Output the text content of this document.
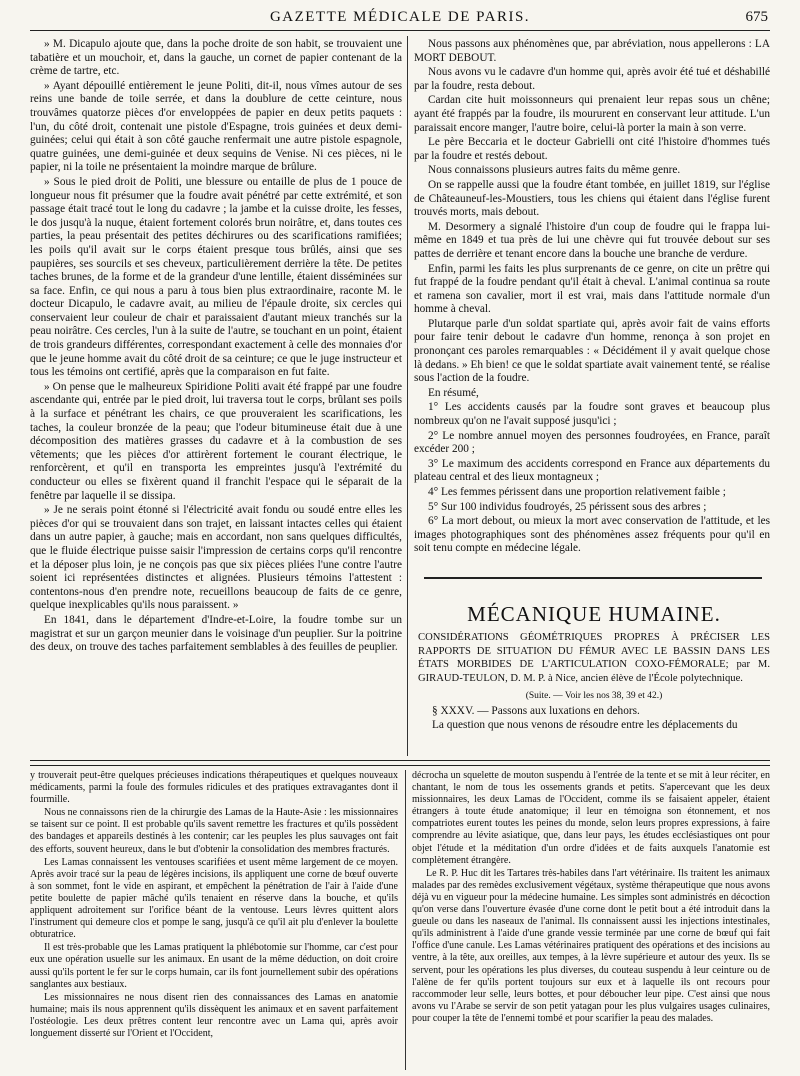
GAZETTE MÉDICALE DE PARIS.	675

» M. Dicapulo ajoute que, dans la poche droite de son habit, se trouvaient une tabatière et un mouchoir, et, dans la gauche, un cornet de papier contenant de la crème de tartre, etc.

» Ayant dépouillé entièrement le jeune Politi, dit-il, nous vîmes autour de ses reins une bande de toile serrée, et dans la doublure de cette ceinture, nous trouvâmes quatorze pièces d'or enveloppées de papier en deux petits paquets : l'un, du côté droit, contenait une pistole d'Espagne, trois guinées et deux demi-guinées; celui qui était à son côté gauche renfermait une autre pistole espagnole, quatre guinées, une demi-guinée et deux sequins de Venise. Ni ces pièces, ni le papier, ni la toile ne présentaient la moindre marque de brûlure.

» Sous le pied droit de Politi, une blessure ou entaille de plus de 1 pouce de longueur nous fit présumer que la foudre avait pénétré par cette extrémité, et son passage était tracé tout le long du cadavre ; la jambe et la cuisse droite, les fesses, le dos jusqu'à la nuque, étaient fortement colorés brun noirâtre, et, dans toutes ces parties, la peau présentait des petites déchirures ou des scarifications ramifiées; les poils qu'il avait sur le corps étaient presque tous brûlés, ainsi que ses paupières, ses sourcils et ses cheveux, particulièrement derrière la tête. De petites taches brunes, de la forme et de la grandeur d'une lentille, étaient disséminées sur sa face. Enfin, ce qui nous a paru à tous bien plus extraordinaire, raconte M. le docteur Dicapulo, le cadavre avait, au milieu de l'épaule droite, six cercles qui conservaient leur couleur de chair et paraissaient d'autant mieux tranchés sur la peau noirâtre. Ces cercles, l'un à la suite de l'autre, se touchant en un point, étaient de trois grandeurs différentes, correspondant exactement à celle des monnaies d'or que le jeune homme avait du côté droit de sa ceinture; ce que le juge instructeur et tous les témoins ont certifié, après que la comparaison en fut faite.

» On pense que le malheureux Spiridione Politi avait été frappé par une foudre ascendante qui, entrée par le pied droit, lui traversa tout le corps, brûlant ses poils à la surface et pénétrant les chairs, ce que prouveraient les scarifications, les taches, la couleur bronzée de la peau; que l'odeur bitumineuse était due à une décomposition des matières grasses du cadavre et à la combustion de ses vêtements; que les pièces d'or attirèrent fortement le courant électrique, le renforcèrent, et qu'il en transporta les empreintes jusqu'à l'extrémité du conducteur ou elles se fixèrent quand il franchit l'espace qui le séparait de la fenêtre par laquelle il se dissipa.

» Je ne serais point étonné si l'électricité avait fondu ou soudé entre elles les pièces d'or qui se trouvaient dans son trajet, en laissant intactes celles qui étaient dans un autre papier, à gauche; mais en accordant, non sans quelques difficultés, que le fluide électrique puisse saisir l'impression de certains corps qu'il rencontre et la déposer plus loin, je ne conçois pas que six pièces pliées l'une contre l'autre soient ici représentées distinctes et alignées. Plusieurs témoins l'attestent : contentons-nous d'en prendre note, recueillons beaucoup de faits de ce genre, quelque inexplicables qu'ils nous paraissent. »

En 1841, dans le département d'Indre-et-Loire, la foudre tombe sur un magistrat et sur un garçon meunier dans le voisinage d'un peuplier. Sur la poitrine des deux, on trouve des taches parfaitement semblables à des feuilles de peuplier.

Nous passons aux phénomènes que, par abréviation, nous appellerons : LA MORT DEBOUT.

Nous avons vu le cadavre d'un homme qui, après avoir été tué et déshabillé par la foudre, resta debout.

Cardan cite huit moissonneurs qui prenaient leur repas sous un chêne; ayant été frappés par la foudre, ils moururent en conservant leur attitude. L'un paraissait encore manger, l'autre boire, celui-là porter la main à son verre.

Le père Beccaria et le docteur Gabrielli ont cité l'histoire d'hommes tués par la foudre et restés debout.

Nous connaissons plusieurs autres faits du même genre.

On se rappelle aussi que la foudre étant tombée, en juillet 1819, sur l'église de Châteauneuf-les-Moustiers, tous les chiens qui étaient dans l'église furent trouvés morts, mais debout.

M. Desormery a signalé l'histoire d'un coup de foudre qui le frappa lui-même en 1849 et tua près de lui une chèvre qui fut trouvée debout sur ses pattes de derrière et tenant encore dans la bouche une branche de verdure.

Enfin, parmi les faits les plus surprenants de ce genre, on cite un prêtre qui fut frappé de la foudre pendant qu'il était à cheval. L'animal continua sa route et ramena son cavalier, mort il est vrai, mais dans l'attitude normale d'un homme à cheval.

Plutarque parle d'un soldat spartiate qui, après avoir fait de vains efforts pour faire tenir debout le cadavre d'un homme, renonça à son projet en prononçant ces paroles remarquables : « Décidément il y avait quelque chose là dedans. » Eh bien! ce que le soldat spartiate avait vainement tenté, se réalise sous l'action de la foudre.

En résumé,

1° Les accidents causés par la foudre sont graves et beaucoup plus nombreux qu'on ne l'avait supposé jusqu'ici ;

2° Le nombre annuel moyen des personnes foudroyées, en France, paraît excéder 200 ;

3° Le maximum des accidents correspond en France aux départements du plateau central et des lieux montagneux ;

4° Les femmes périssent dans une proportion relativement faible ;

5° Sur 100 individus foudroyés, 25 périssent sous des arbres ;

6° La mort debout, ou mieux la mort avec conservation de l'attitude, et les images photographiques sont des phénomènes assez fréquents pour qu'il en soit tenu compte en médecine légale.

MÉCANIQUE HUMAINE.

CONSIDÉRATIONS GÉOMÉTRIQUES PROPRES À PRÉCISER LES RAPPORTS DE SITUATION DU FÉMUR AVEC LE BASSIN DANS LES ÉTATS MORBIDES DE L'ARTICULATION COXO-FÉMORALE; par M. GIRAUD-TEULON, D. M. P. à Nice, ancien élève de l'École polytechnique.

(Suite. — Voir les nos 38, 39 et 42.)

§ XXXV. — Passons aux luxations en dehors.

La question que nous venons de résoudre entre les déplacements du

y trouverait peut-être quelques précieuses indications thérapeutiques et quelques nouveaux médicaments, parmi la foule des formules ridicules et des pratiques extravagantes dont il fourmille.

Nous ne connaissons rien de la chirurgie des Lamas de la Haute-Asie : les missionnaires se taisent sur ce point. Il est probable qu'ils savent remettre les fractures et qu'ils possèdent des bandages et appareils destinés à les contenir; car les peuples les plus sauvages ont fait des efforts, souvent heureux, dans le but d'obtenir la consolidation des membres fracturés.

Les Lamas connaissent les ventouses scarifiées et usent même largement de ce moyen. Après avoir tracé sur la peau de légères incisions, ils appliquent une corne de bœuf ouverte à son sommet, font le vide en aspirant, et empêchent la pénétration de l'air à l'aide d'une petite boulette de papier mâché qu'ils tenaient en réserve dans la bouche, et qu'ils appliquent adroitement sur l'orifice béant de la ventouse. Leurs lèvres quittent alors l'instrument qui demeure clos et pompe le sang, jusqu'à ce qu'il ait plu d'enlever la boulette obturatrice.

Il est très-probable que les Lamas pratiquent la phlébotomie sur l'homme, car c'est pour eux une opération usuelle sur les animaux. En usant de la même déduction, on doit croire aussi qu'ils portent le fer sur le corps humain, car ils font journellement subir des opérations sanglantes aux bestiaux.

Les missionnaires ne nous disent rien des connaissances des Lamas en anatomie humaine; mais ils nous apprennent qu'ils dissèquent les animaux et en savent parfaitement l'ostéologie. Les deux prêtres content leur rencontre avec un Lama qui, après avoir longuement disserté sur l'Orient et l'Occident,

décrocha un squelette de mouton suspendu à l'entrée de la tente et se mit à leur réciter, en chantant, le nom de tous les ossements grands et petits. S'apercevant que les deux missionnaires, les deux Lamas de l'Occident, comme ils se faisaient appeler, étaient étrangers à toute étude anatomique; il leur en témoigna son étonnement, et nos compatriotes eurent toutes les peines du monde, selon leurs propres expressions, à faire comprendre au lévite asiatique, que, dans leur pays, les études ecclésiastiques ont pour objet l'étude et la méditation d'un ordre d'idées et de faits auxquels l'anatomie est complètement étrangère.

Le R. P. Huc dit les Tartares très-habiles dans l'art vétérinaire. Ils traitent les animaux malades par des remèdes exclusivement végétaux, système thérapeutique que nous avons déjà vu en vigueur pour la médecine humaine. Les simples sont administrés en décoction qu'on verse dans l'ouverture évasée d'une corne dont le petit bout a été introduit dans la gueule ou dans les naseaux de l'animal. Ils connaissent aussi les injections intestinales, qu'ils administrent à l'aide d'une grande vessie terminée par une corne de bœuf qui fait l'office d'une canule. Les Lamas vétérinaires pratiquent des opérations et des incisions au ventre, à la tête, aux oreilles, aux tempes, à la lèvre supérieure et autour des yeux. Ils se servent, pour les opérations les plus diverses, du couteau suspendu à leur ceinture ou de l'alène de fer qu'ils portent toujours sur eux et à laquelle ils ont recours pour raccommoder leur selle, leurs bottes, et pour déboucher leur pipe. C'est ainsi que nous avons vu l'Arabe se servir de son petit yatagan pour les plus vulgaires usages culinaires, pour couper la tête de l'ennemi tombé et pour scarifier la peau des malades.
